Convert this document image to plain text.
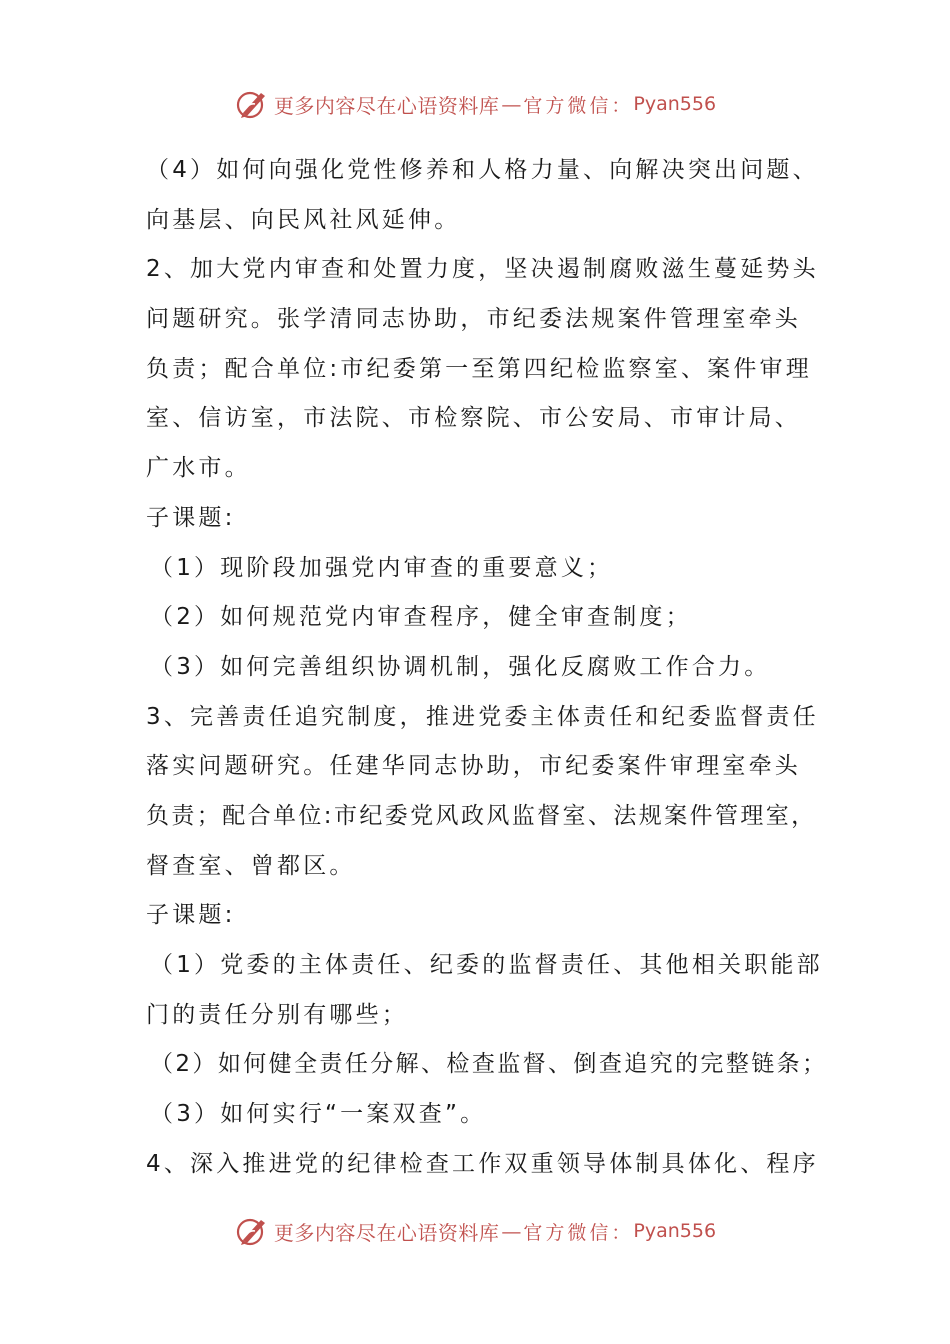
更多内容尽在心语资料库 — 官方微信： Pyan556
（4）如何向强化党性修养和人格力量、向解决突出问题、
向基层、向民风社风延伸。
2、加大党内审查和处置力度，坚决遏制腐败滋生蔓延势头
问题研究。张学清同志协助，市纪委法规案件管理室牵头
负责；配合单位:市纪委第一至第四纪检监察室、案件审理
室、信访室，市法院、市检察院、市公安局、市审计局、
广水市。
子课题:
（1）现阶段加强党内审查的重要意义；
（2）如何规范党内审查程序，健全审查制度；
（3）如何完善组织协调机制，强化反腐败工作合力。
3、完善责任追究制度，推进党委主体责任和纪委监督责任
落实问题研究。任建华同志协助，市纪委案件审理室牵头
负责；配合单位:市纪委党风政风监督室、法规案件管理室，
督查室、曾都区。
子课题:
（1）党委的主体责任、纪委的监督责任、其他相关职能部
门的责任分别有哪些；
（2）如何健全责任分解、检查监督、倒查追究的完整链条；
（3）如何实行“一案双查”。
4、深入推进党的纪律检查工作双重领导体制具体化、程序
更多内容尽在心语资料库 — 官方微信： Pyan556
